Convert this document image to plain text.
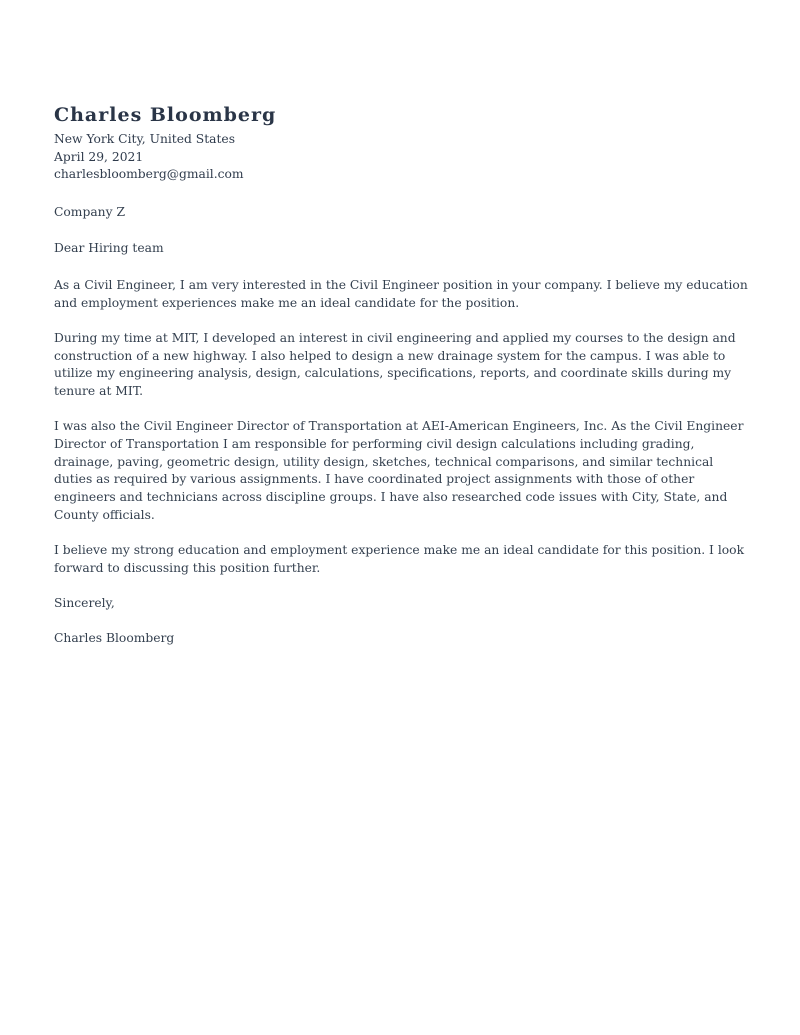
Charles Bloomberg
New York City, United States
April 29, 2021
charlesbloomberg@gmail.com

Company Z

Dear Hiring team

As a Civil Engineer, I am very interested in the Civil Engineer position in your company. I believe my education and employment experiences make me an ideal candidate for the position.

During my time at MIT, I developed an interest in civil engineering and applied my courses to the design and construction of a new highway. I also helped to design a new drainage system for the campus. I was able to utilize my engineering analysis, design, calculations, specifications, reports, and coordinate skills during my tenure at MIT.

I was also the Civil Engineer Director of Transportation at AEI-American Engineers, Inc. As the Civil Engineer Director of Transportation I am responsible for performing civil design calculations including grading, drainage, paving, geometric design, utility design, sketches, technical comparisons, and similar technical duties as required by various assignments. I have coordinated project assignments with those of other engineers and technicians across discipline groups. I have also researched code issues with City, State, and County officials.

I believe my strong education and employment experience make me an ideal candidate for this position. I look forward to discussing this position further.

Sincerely,

Charles Bloomberg
